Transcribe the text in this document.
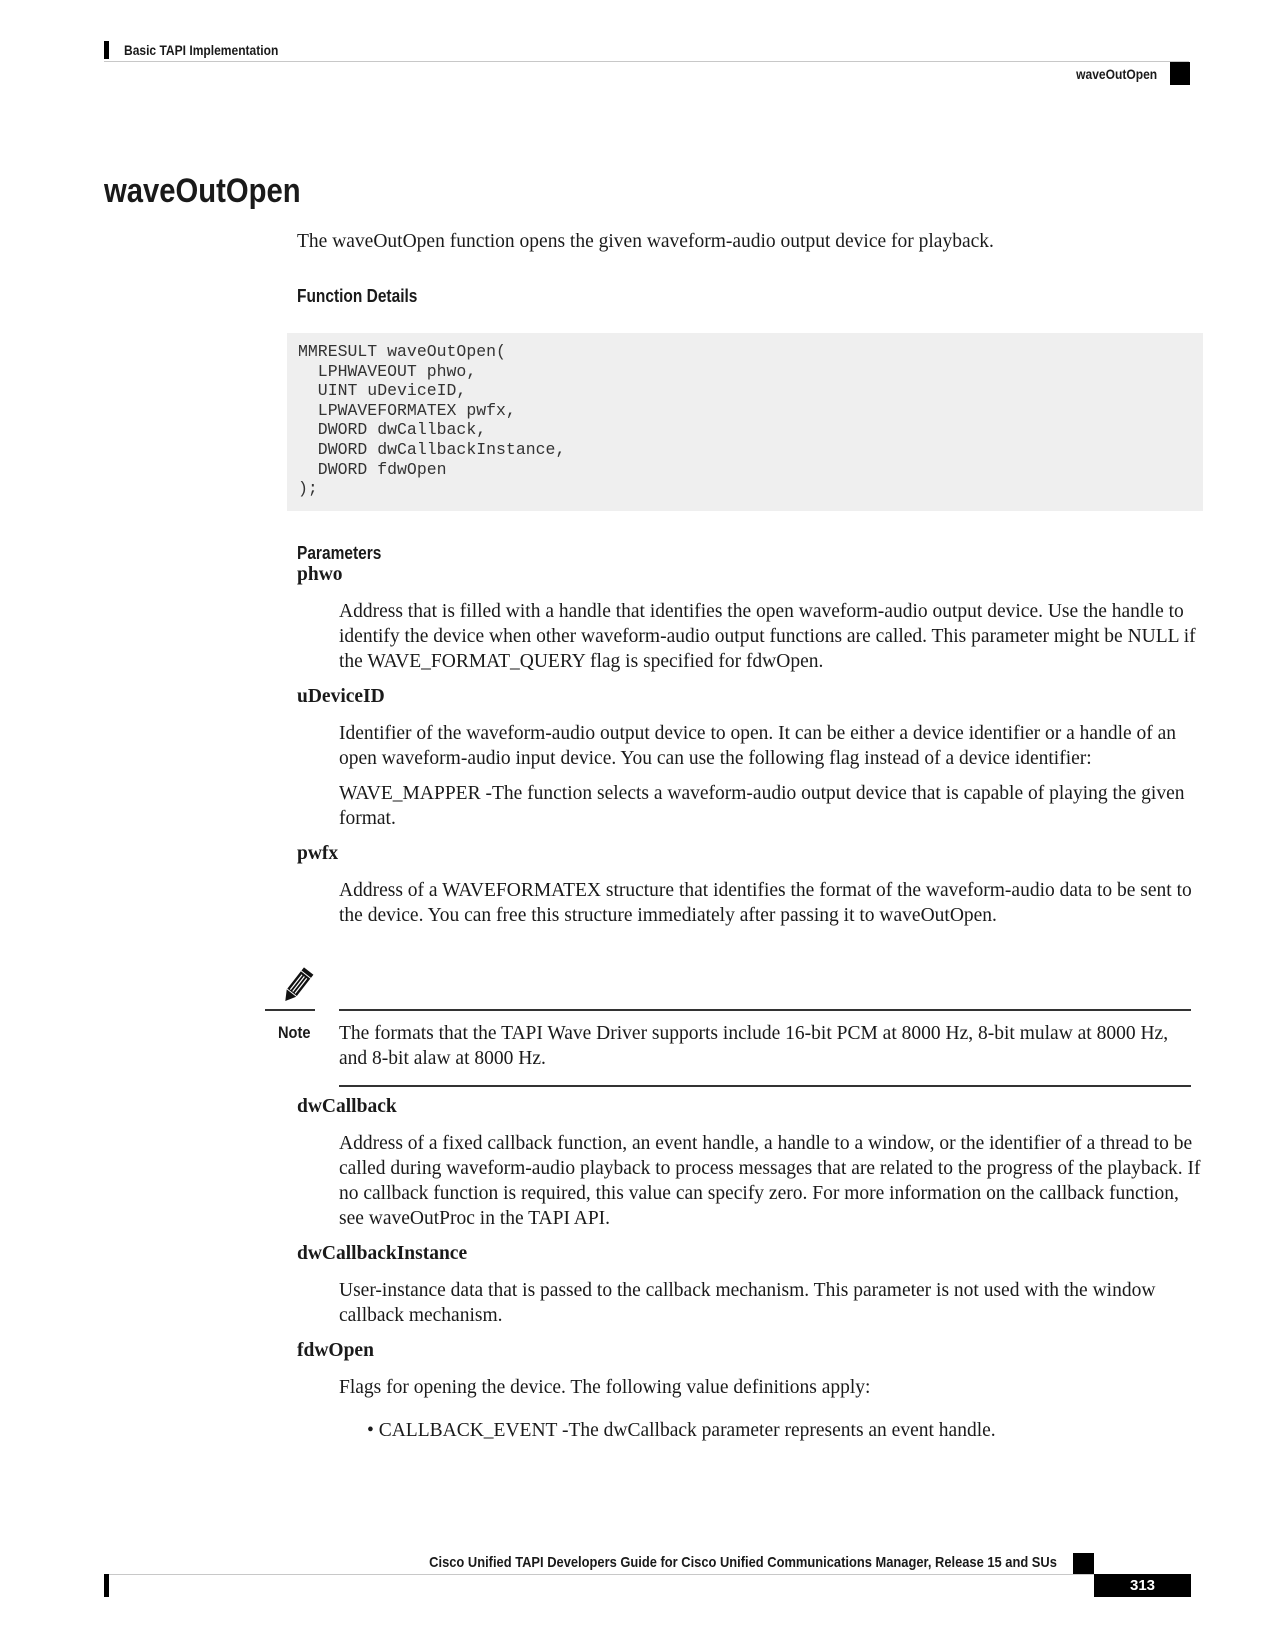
Basic TAPI Implementation
waveOutOpen
waveOutOpen
The waveOutOpen function opens the given waveform-audio output device for playback.
Function Details
MMRESULT waveOutOpen(
LPHWAVEOUT phwo,
UINT uDeviceID,
LPWAVEFORMATEX pwfx,
DWORD dwCallback,
DWORD dwCallbackInstance,
DWORD fdwOpen
);
Parameters
phwo

Address that is filled with a handle that identifies the open waveform-audio output device. Use the handle to identify the device when other waveform-audio output functions are called. This parameter might be NULL if the WAVE_FORMAT_QUERY flag is specified for fdwOpen.

uDeviceID

Identifier of the waveform-audio output device to open. It can be either a device identifier or a handle of an open waveform-audio input device. You can use the following flag instead of a device identifier:

WAVE_MAPPER -The function selects a waveform-audio output device that is capable of playing the given format.

pwfx

Address of a WAVEFORMATEX structure that identifies the format of the waveform-audio data to be sent to the device. You can free this structure immediately after passing it to waveOutOpen.

Note The formats that the TAPI Wave Driver supports include 16-bit PCM at 8000 Hz, 8-bit mulaw at 8000 Hz, and 8-bit alaw at 8000 Hz.
dwCallback

Address of a fixed callback function, an event handle, a handle to a window, or the identifier of a thread to be called during waveform-audio playback to process messages that are related to the progress of the playback. If no callback function is required, this value can specify zero. For more information on the callback function, see waveOutProc in the TAPI API.

dwCallbackInstance

User-instance data that is passed to the callback mechanism. This parameter is not used with the window callback mechanism.

fdwOpen

Flags for opening the device. The following value definitions apply:

• CALLBACK_EVENT -The dwCallback parameter represents an event handle.
Cisco Unified TAPI Developers Guide for Cisco Unified Communications Manager, Release 15 and SUs
313
